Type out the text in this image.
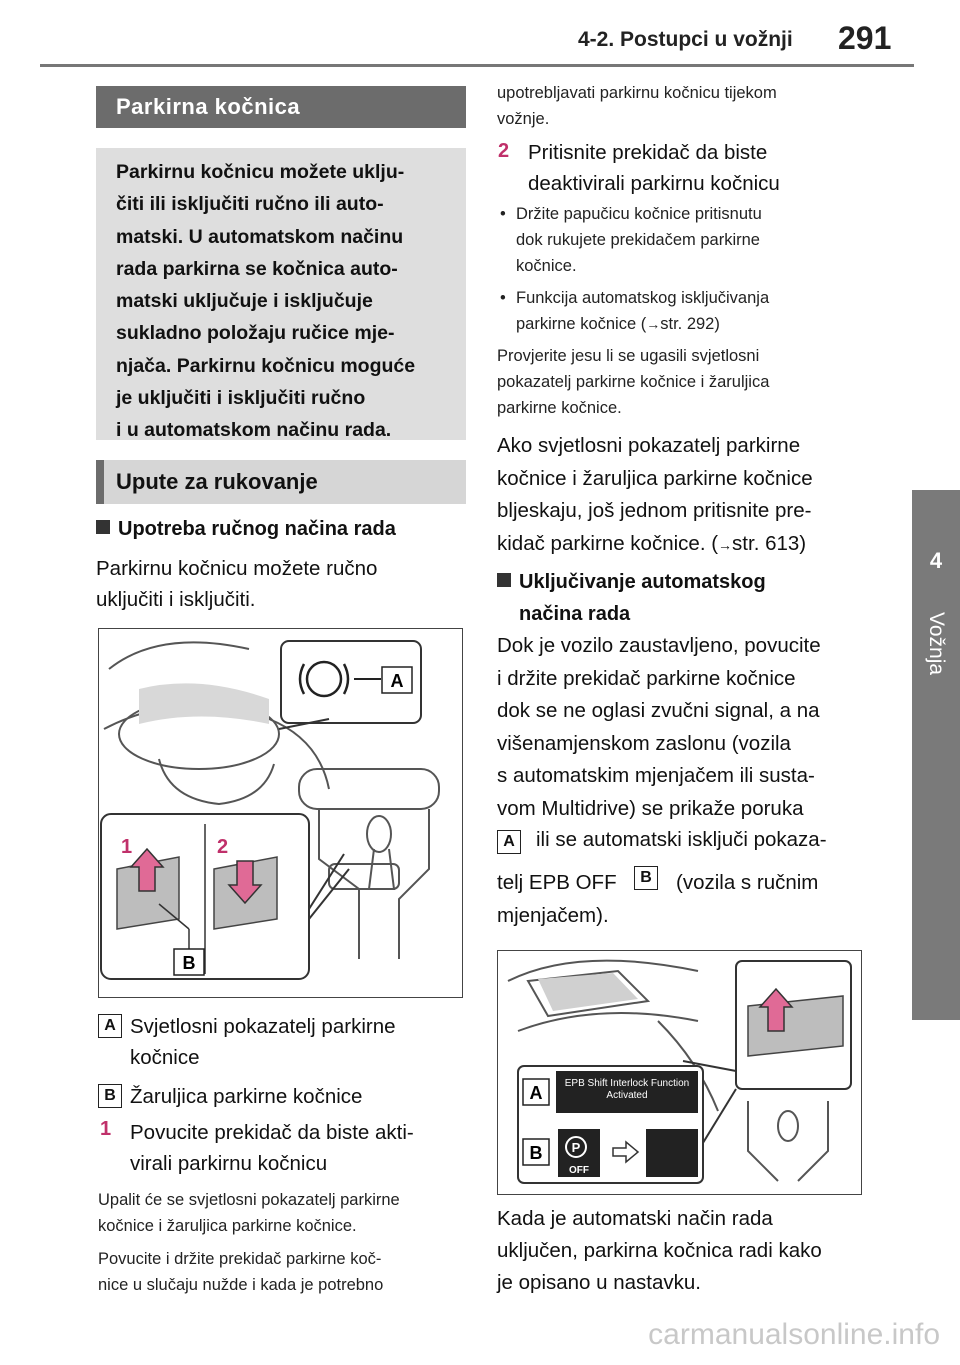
4-2. Postupci u vožnji 291
4
Vožnja
Parkirna kočnica
Parkirnu kočnicu možete uklju-
čiti ili isključiti ručno ili auto-
matski. U automatskom načinu
rada parkirna se kočnica auto-
matski uključuje i isključuje
sukladno položaju ručice mje-
njača. Parkirnu kočnicu moguće
je uključiti i isključiti ručno
i u automatskom načinu rada.
Upute za rukovanje
Upotreba ručnog načina rada
Parkirnu kočnicu možete ručno
uključiti i isključiti.
A
1	2
B
A Svjetlosni pokazatelj parkirne
kočnice
B Žaruljica parkirne kočnice
1 Povucite prekidač da biste akti-
virali parkirnu kočnicu
Upalit će se svjetlosni pokazatelj parkirne
kočnice i žaruljica parkirne kočnice.
Povucite i držite prekidač parkirne koč-
nice u slučaju nužde i kada je potrebno
upotrebljavati parkirnu kočnicu tijekom
vožnje.
2 Pritisnite prekidač da biste
deaktivirali parkirnu kočnicu
• Držite papučicu kočnice pritisnutu
dok rukujete prekidačem parkirne
kočnice.
• Funkcija automatskog isključivanja
parkirne kočnice (→str. 292)
Provjerite jesu li se ugasili svjetlosni
pokazatelj parkirne kočnice i žaruljica
parkirne kočnice.
Ako svjetlosni pokazatelj parkirne
kočnice i žaruljica parkirne kočnice
bljeskaju, još jednom pritisnite pre-
kidač parkirne kočnice. (→str. 613)
Uključivanje automatskog
načina rada
Dok je vozilo zaustavljeno, povucite
i držite prekidač parkirne kočnice
dok se ne oglasi zvučni signal, a na
višenamjenskom zaslonu (vozila
s automatskim mjenjačem ili susta-
vom Multidrive) se prikaže poruka
A	ili se automatski isključi pokaza-
telj EPB OFF	B	(vozila s ručnim
mjenjačem).
A	EPB Shift Interlock Function Activated
B P
OFF
Kada je automatski način rada
uključen, parkirna kočnica radi kako
je opisano u nastavku.
carmanualsonline.info
